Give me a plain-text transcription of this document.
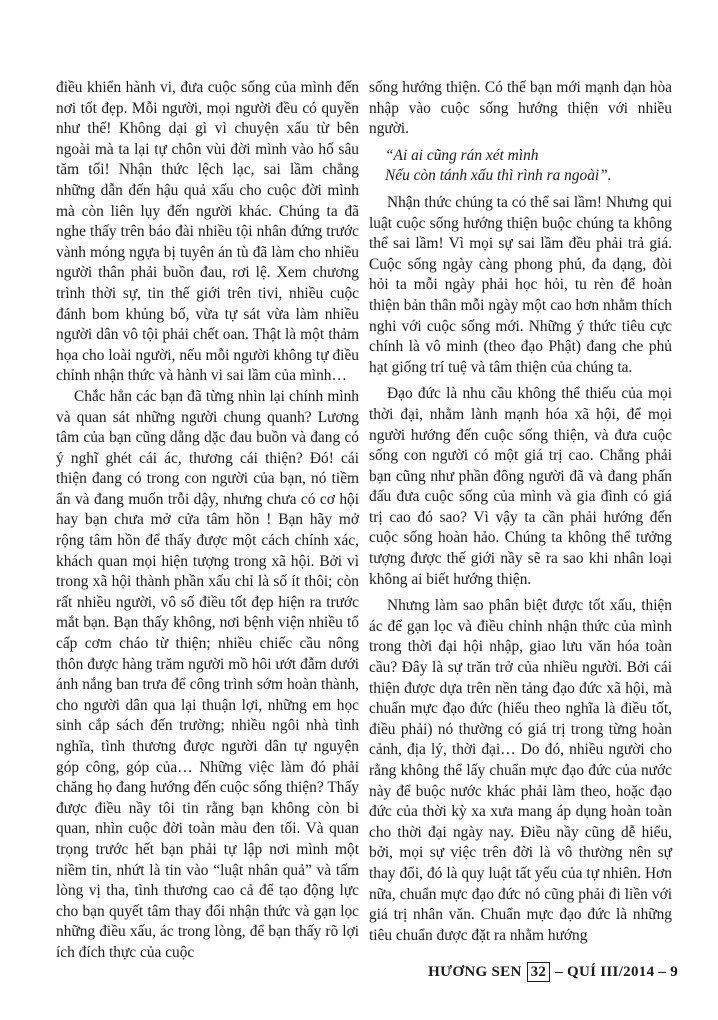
điều khiển hành vi, đưa cuộc sống của mình đến nơi tốt đẹp. Mỗi người, mọi người đều có quyền như thế! Không dại gì vì chuyện xấu từ bên ngoài mà ta lại tự chôn vùi đời mình vào hố sâu tăm tối! Nhận thức lệch lạc, sai lầm chẳng những dẫn đến hậu quả xấu cho cuộc đời mình mà còn liên lụy đến người khác. Chúng ta đã nghe thấy trên báo đài nhiều tội nhân đứng trước vành móng ngựa bị tuyên án tù đã làm cho nhiều người thân phải buồn đau, rơi lệ. Xem chương trình thời sự, tin thế giới trên tivi, nhiều cuộc đánh bom khủng bố, vừa tự sát vừa làm nhiều người dân vô tội phải chết oan. Thật là một thảm họa cho loài người, nếu mỗi người không tự điều chỉnh nhận thức và hành vi sai lầm của mình…

Chắc hẳn các bạn đã từng nhìn lại chính mình và quan sát những người chung quanh? Lương tâm của bạn cũng dằng dặc đau buồn và đang có ý nghĩ ghét cái ác, thương cái thiện? Đó! cái thiện đang có trong con người của bạn, nó tiềm ẩn và đang muốn trỗi dậy, nhưng chưa có cơ hội hay bạn chưa mở cửa tâm hồn ! Bạn hãy mở rộng tâm hồn để thấy được một cách chính xác, khách quan mọi hiện tượng trong xã hội. Bởi vì trong xã hội thành phần xấu chỉ là số ít thôi; còn rất nhiều người, vô số điều tốt đẹp hiện ra trước mắt bạn. Bạn thấy không, nơi bệnh viện nhiều tổ cấp cơm cháo từ thiện; nhiều chiếc cầu nông thôn được hàng trăm người mồ hôi ướt đẫm dưới ánh nắng ban trưa để công trình sớm hoàn thành, cho người dân qua lại thuận lợi, những em học sinh cắp sách đến trường; nhiều ngôi nhà tình nghĩa, tình thương được người dân tự nguyện góp công, góp của… Những việc làm đó phải chăng họ đang hướng đến cuộc sống thiện? Thấy được điều nầy tôi tin rằng bạn không còn bi quan, nhìn cuộc đời toàn màu đen tối. Và quan trọng trước hết bạn phải tự lập nơi mình một niềm tin, nhứt là tin vào “luật nhân quả” và tấm lòng vị tha, tình thương cao cả để tạo động lực cho bạn quyết tâm thay đổi nhận thức và gạn lọc những điều xấu, ác trong lòng, để bạn thấy rõ lợi ích đích thực của cuộc

sống hướng thiện. Có thế bạn mới mạnh dạn hòa nhập vào cuộc sống hướng thiện với nhiều người.

“Ai ai cũng rán xét mình

Nếu còn tánh xấu thì rình ra ngoài”.

Nhận thức chúng ta có thể sai lầm! Nhưng qui luật cuộc sống hướng thiện buộc chúng ta không thể sai lầm! Vì mọi sự sai lầm đều phải trả giá. Cuộc sống ngày càng phong phú, đa dạng, đòi hỏi ta mỗi ngày phải học hỏi, tu rèn để hoàn thiện bản thân mỗi ngày một cao hơn nhằm thích nghi với cuộc sống mới. Những ý thức tiêu cực chính là vô minh (theo đạo Phật) đang che phủ hạt giống trí tuệ và tâm thiện của chúng ta.

Đạo đức là nhu cầu không thể thiếu của mọi thời đại, nhằm lành mạnh hóa xã hội, để mọi người hướng đến cuộc sống thiện, và đưa cuộc sống con người có một giá trị cao. Chẳng phải bạn cũng như phần đông người đã và đang phấn đấu đưa cuộc sống của mình và gia đình có giá trị cao đó sao? Vì vậy ta cần phải hướng đến cuộc sống hoàn hảo. Chúng ta không thể tưởng tượng được thế giới nầy sẽ ra sao khi nhân loại không ai biết hướng thiện.

Nhưng làm sao phân biệt được tốt xấu, thiện ác để gạn lọc và điều chỉnh nhận thức của mình trong thời đại hội nhập, giao lưu văn hóa toàn cầu? Đây là sự trăn trở của nhiều người. Bởi cái thiện được dựa trên nền tảng đạo đức xã hội, mà chuẩn mực đạo đức (hiểu theo nghĩa là điều tốt, điều phải) nó thường có giá trị trong từng hoàn cảnh, địa lý, thời đại… Do đó, nhiều người cho rằng không thể lấy chuẩn mực đạo đức của nước này để buộc nước khác phải làm theo, hoặc đạo đức của thời kỳ xa xưa mang áp dụng hoàn toàn cho thời đại ngày nay. Điều nầy cũng dễ hiểu, bởi, mọi sự việc trên đời là vô thường nên sự thay đổi, đó là quy luật tất yếu của tự nhiên. Hơn nữa, chuẩn mực đạo đức nó cũng phải đi liền với giá trị nhân văn. Chuẩn mực đạo đức là những tiêu chuẩn được đặt ra nhằm hướng

HƯƠNG SEN 32 – QUÍ III/2014 – 9
